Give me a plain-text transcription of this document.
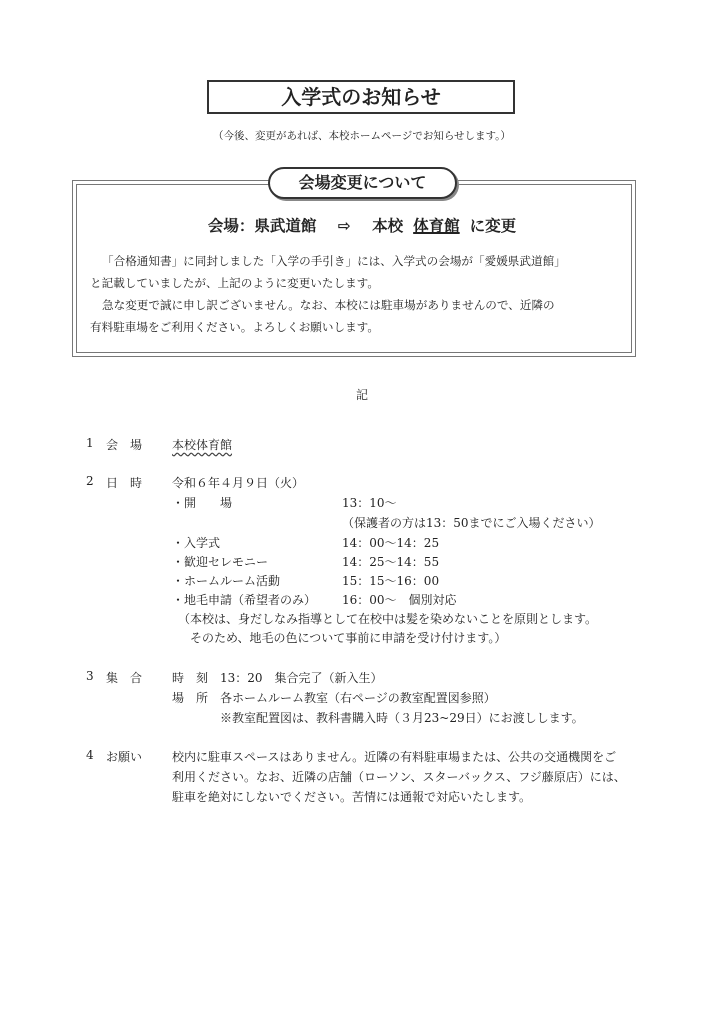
入学式のお知らせ
（今後、変更があれば、本校ホームページでお知らせします。）
会場変更について
会場：県武道館 ⇨ 本校 体育館 に変更
「合格通知書」に同封しました「入学の手引き」には、入学式の会場が「愛媛県武道館」
と記載していましたが、上記のように変更いたします。
急な変更で誠に申し訳ございません。なお、本校には駐車場がありませんので、近隣の
有料駐車場をご利用ください。よろしくお願いします。
記
1 会　場 本校体育館
2 日　時 令和６年４月９日（火）
・開　　場	13：10～
（保護者の方は13：50までにご入場ください）
・入学式	14：00～14：25
・歓迎セレモニー	14：25～14：55
・ホームルーム活動	15：15～16：00
・地毛申請（希望者のみ） 16：00～　個別対応
（本校は、身だしなみ指導として在校中は髪を染めないことを原則とします。
そのため、地毛の色について事前に申請を受け付けます。）
3 集　合 時　刻　13：20　集合完了（新入生）
場　所　各ホームルーム教室（右ページの教室配置図参照）
※教室配置図は、教科書購入時（３月23~29日）にお渡しします。
4 お願い 校内に駐車スペースはありません。近隣の有料駐車場または、公共の交通機関をご
利用ください。なお、近隣の店舗（ローソン、スターバックス、フジ藤原店）には、
駐車を絶対にしないでください。苦情には通報で対応いたします。
